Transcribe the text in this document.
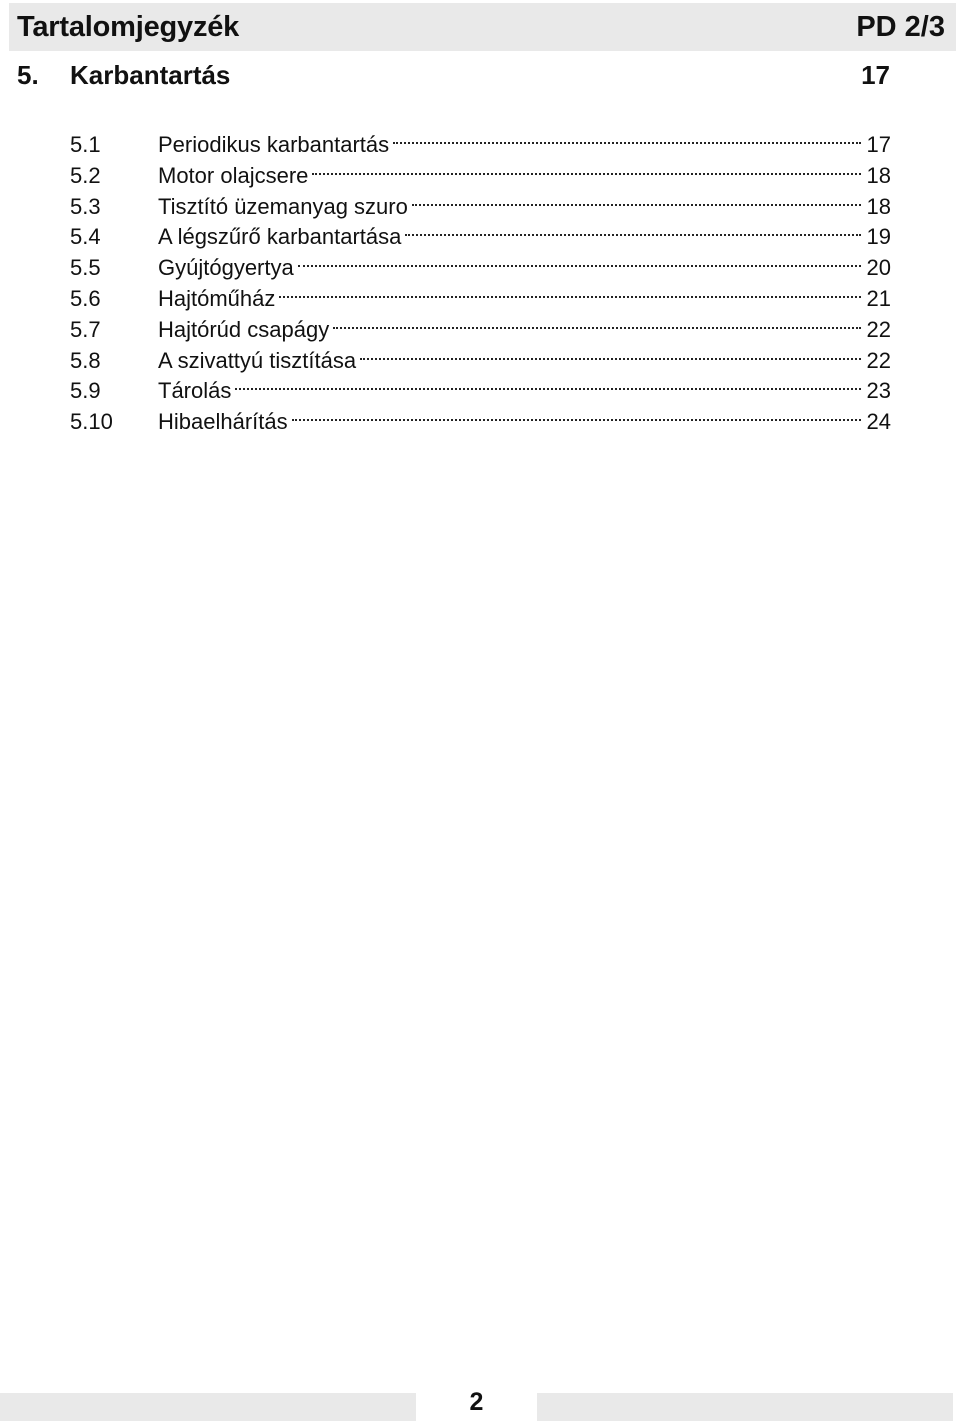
Tartalomjegyzék	PD 2/3
5. Karbantartás	17
5.1	Periodikus karbantartás	17
5.2	Motor olajcsere	18
5.3	Tisztító üzemanyag szuro	18
5.4	A légszűrő karbantartása	19
5.5	Gyújtógyertya	20
5.6	Hajtóműház	21
5.7	Hajtórúd csapágy	22
5.8	A szivattyú tisztítása	22
5.9	Tárolás	23
5.10	Hibaelhárítás	24
2
